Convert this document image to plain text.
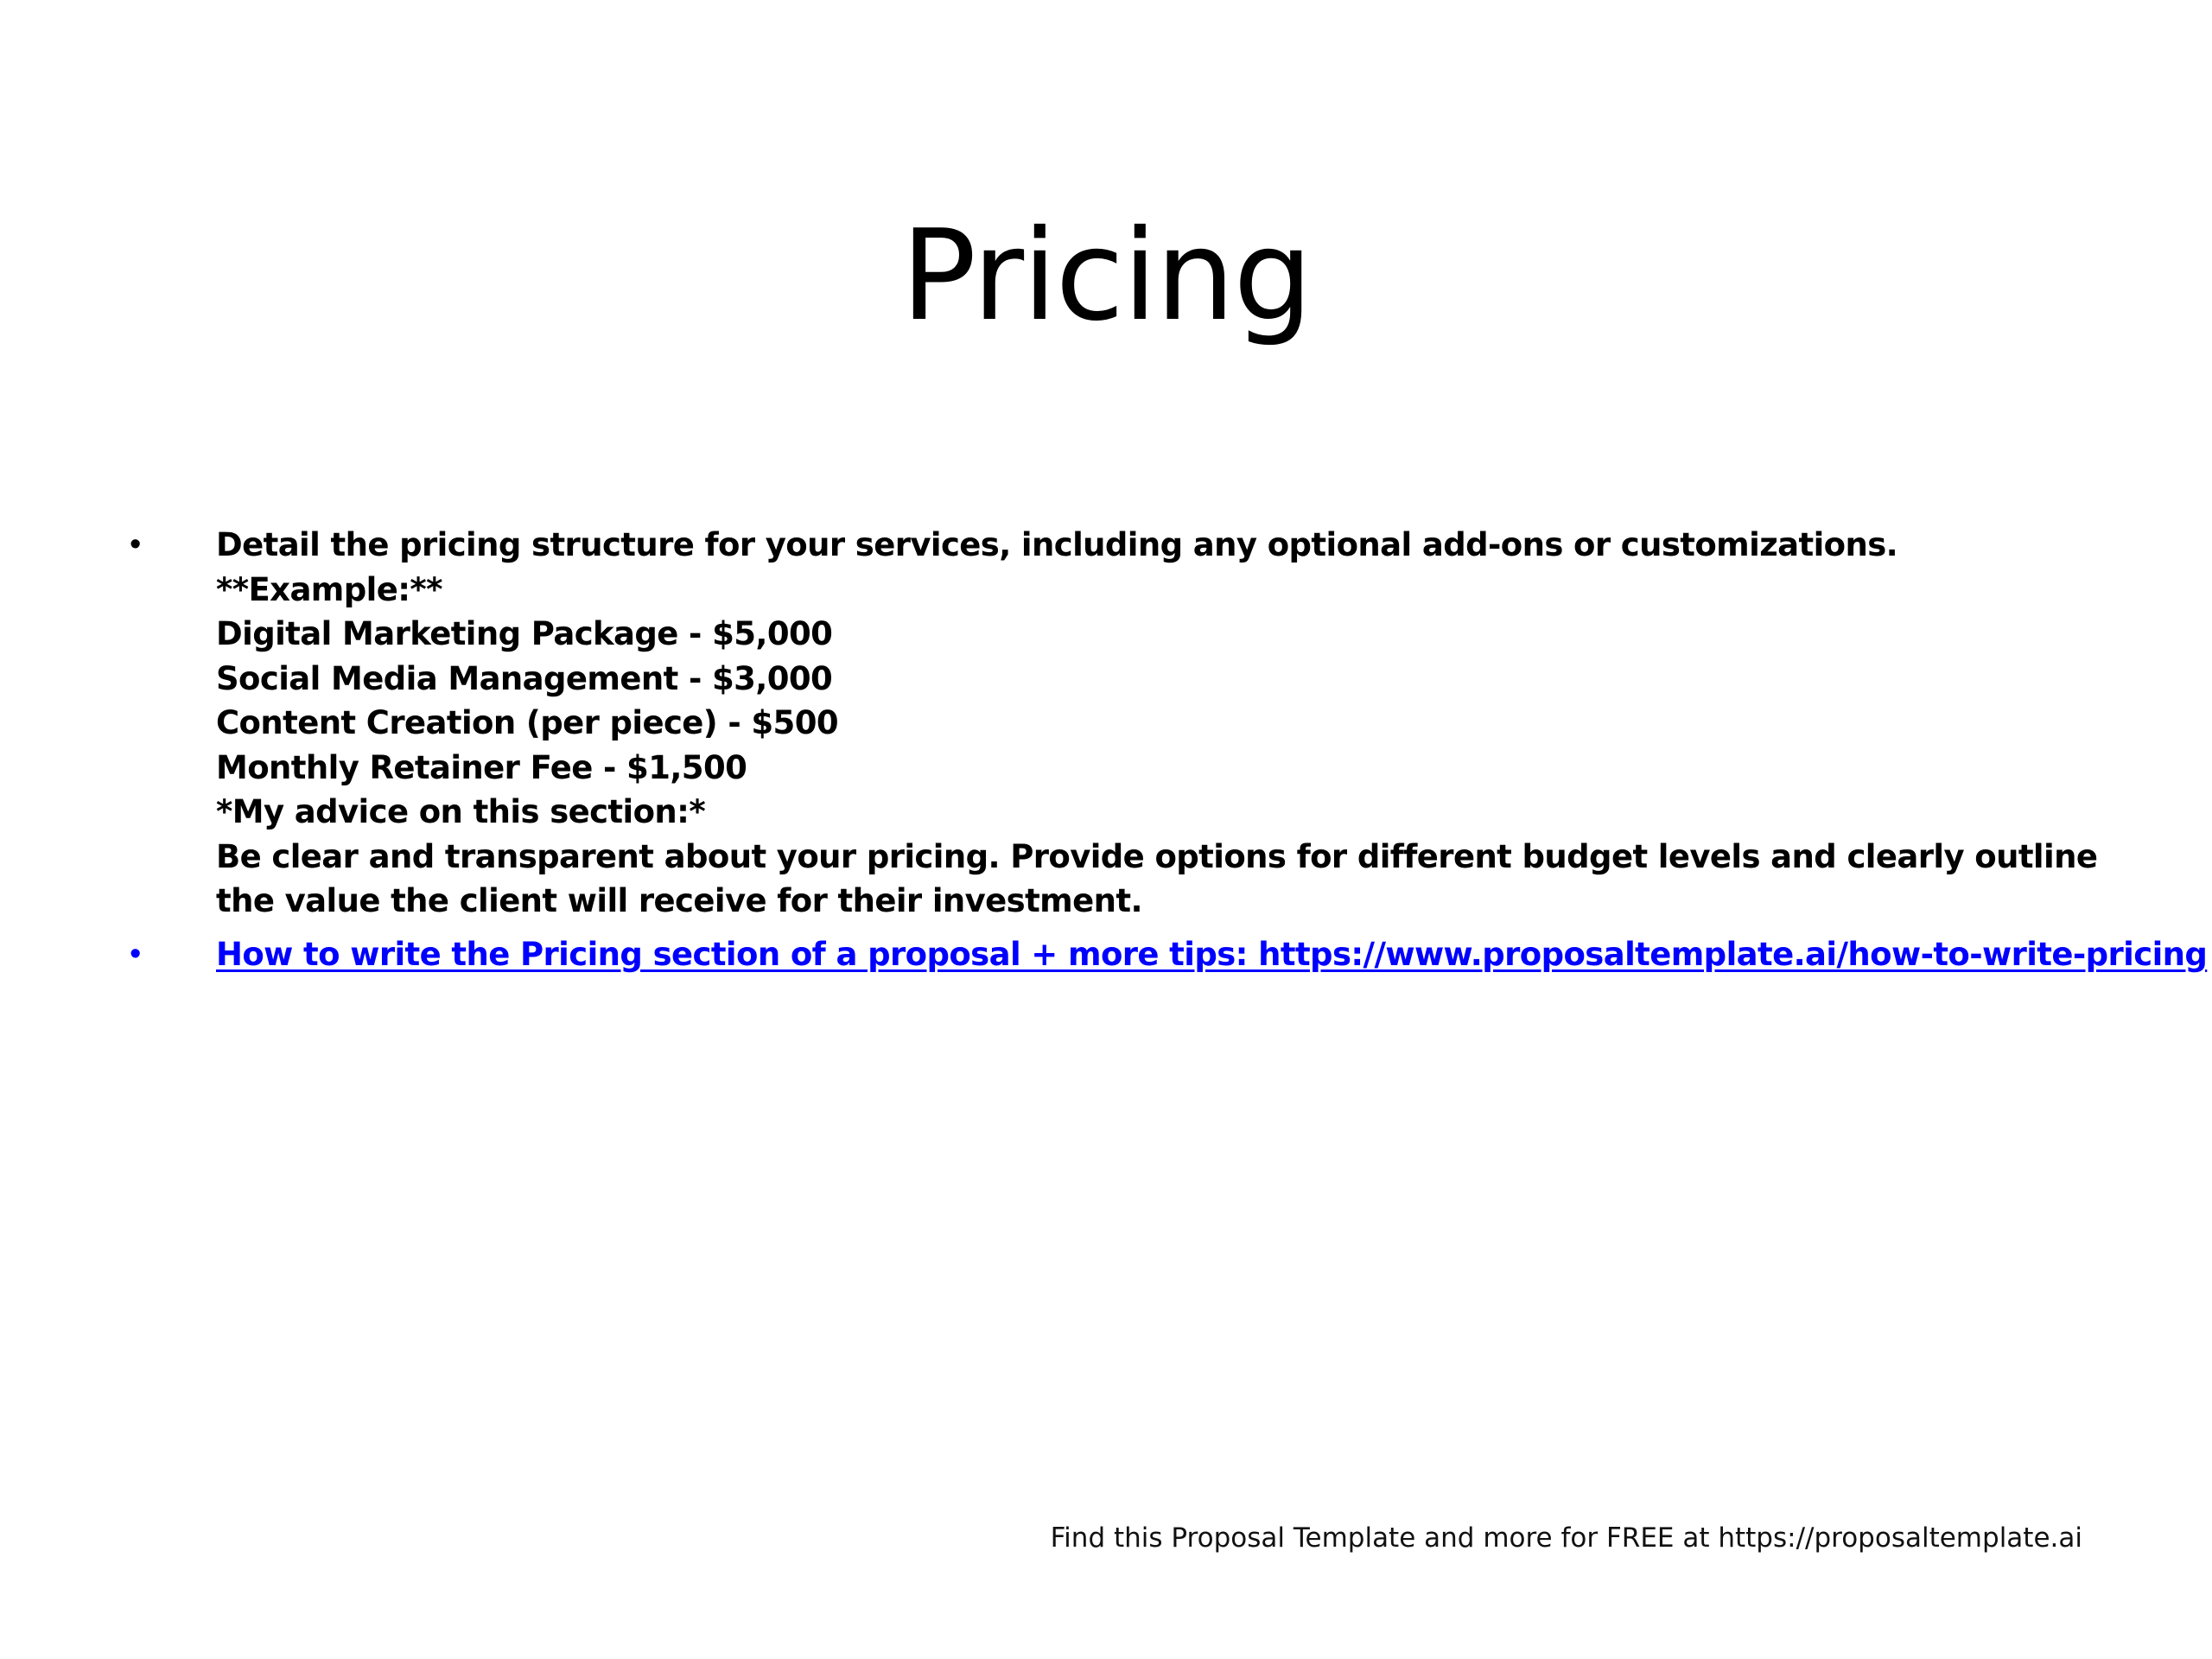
Pricing
•	Detail the pricing structure for your services, including any optional add-ons or customizations.
**Example:**
Digital Marketing Package - $5,000
Social Media Management - $3,000
Content Creation (per piece) - $500
Monthly Retainer Fee - $1,500
*My advice on this section:*
Be clear and transparent about your pricing. Provide options for different budget levels and clearly outline the value the client will receive for their investment.
•	How to write the Pricing section of a proposal + more tips: https://www.proposaltemplate.ai/how-to-write-pricing
Find this Proposal Template and more for FREE at https://proposaltemplate.ai
